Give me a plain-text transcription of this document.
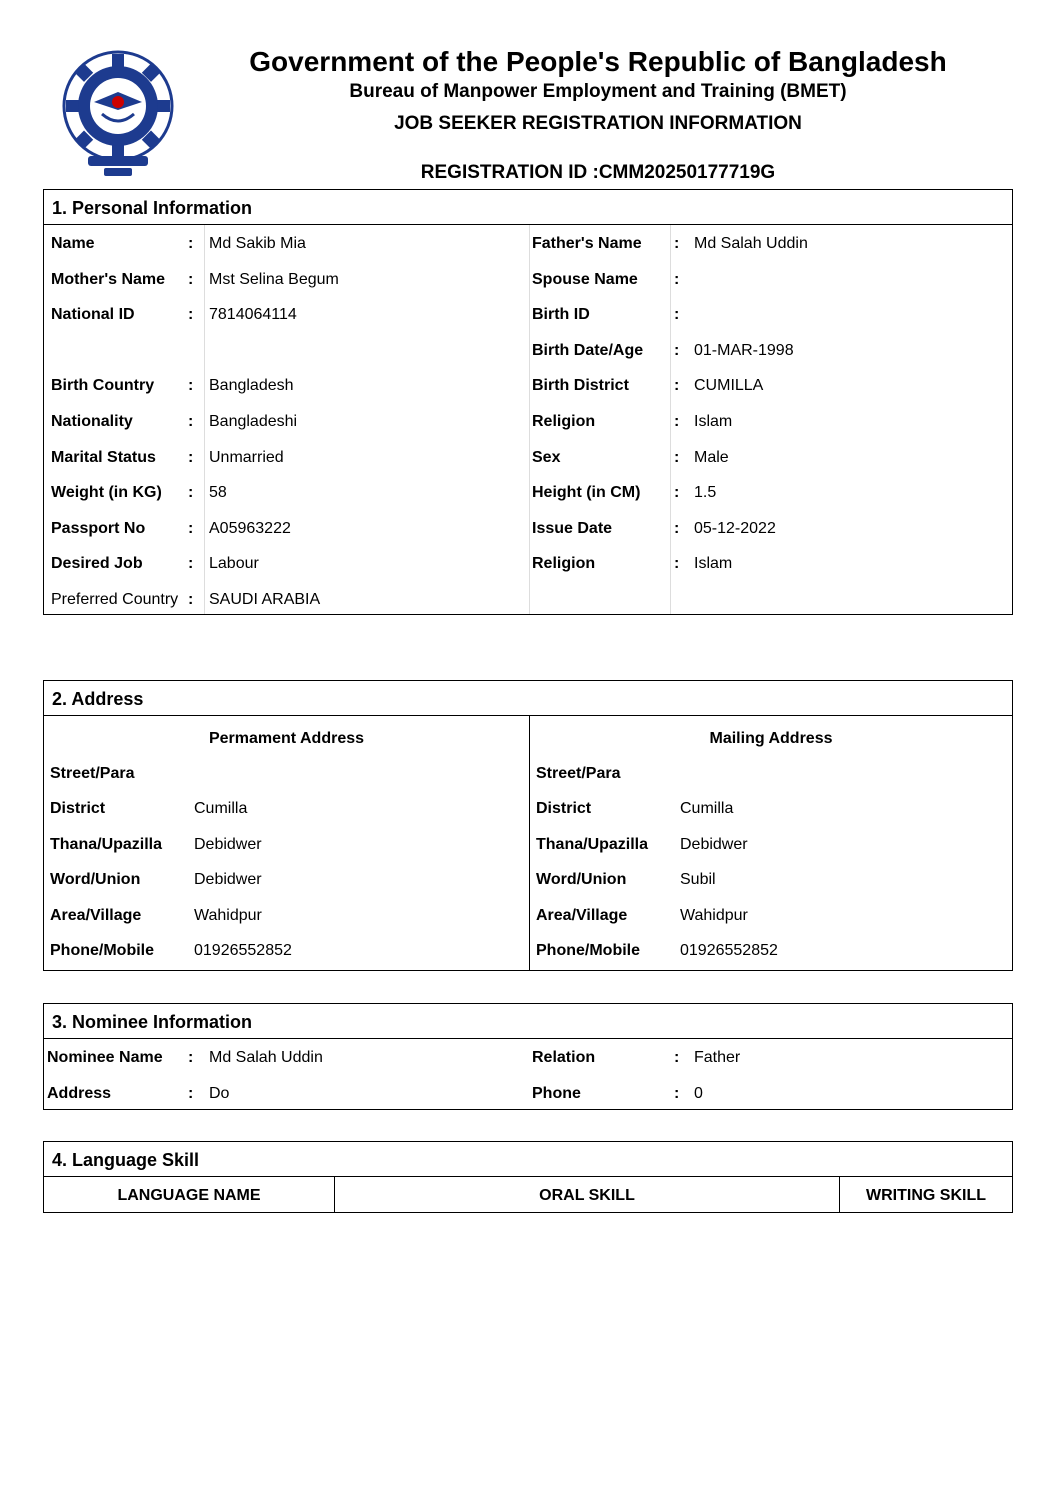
Government of the People's Republic of Bangladesh
Bureau of Manpower Employment and Training (BMET)
JOB SEEKER REGISTRATION INFORMATION
REGISTRATION ID :CMM20250177719G
1. Personal Information
Name	: Md Sakib Mia	Father's Name : Md Salah Uddin
Mother's Name : Mst Selina Begum	Spouse Name :
National ID	: 7814064114	Birth ID	:
Birth Date/Age : 01-MAR-1998
Birth Country : Bangladesh	Birth District	: CUMILLA
Nationality	: Bangladeshi	Religion	: Islam
Marital Status : Unmarried	Sex	: Male
Weight (in KG) : 58	Height (in CM) : 1.5
Passport No	: A05963222	Issue Date	: 05-12-2022
Desired Job	: Labour	Religion	: Islam
Preferred Country : SAUDI ARABIA
2. Address
Permament Address
Street/Para
District	Cumilla
Thana/Upazilla Debidwer
Word/Union	Debidwer
Area/Village	Wahidpur
Phone/Mobile	01926552852
Mailing Address
Street/Para
District	Cumilla
Thana/Upazilla Debidwer
Word/Union	Subil
Area/Village	Wahidpur
Phone/Mobile	01926552852
3. Nominee Information
Nominee Name : Md Salah Uddin	Relation	: Father
Address	: Do	Phone	: 0
4. Language Skill
LANGUAGE NAME	ORAL SKILL	WRITING SKILL
